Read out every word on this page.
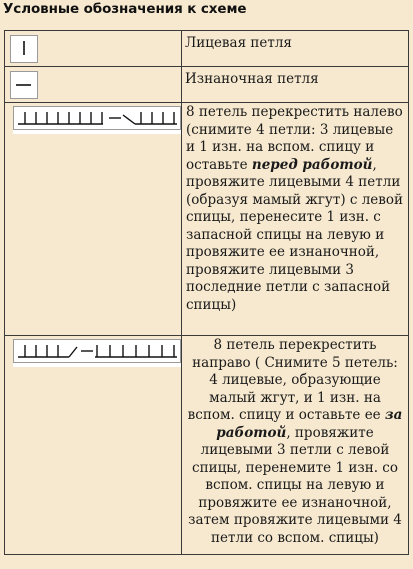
Условные обозначения к схеме

Лицевая петля

Изнаночная петля

8 петель перекрестить налево (снимите 4 петли: 3 лицевые и 1 изн. на вспом. спицу и оставьте перед работой, провяжите лицевыми 4 петли (образуя мамый жгут) с левой спицы, перенесите 1 изн. с запасной спицы на левую и провяжите ее изнаночной, провяжите лицевыми 3 последние петли с запасной спицы)

8 петель перекрестить направо ( Снимите 5 петель: 4 лицевые, образующие малый жгут, и 1 изн. на вспом. спицу и оставьте ее за работой, провяжите лицевыми 3 петли с левой спицы, перенемите 1 изн. со вспом. спицы на левую и провяжите ее изнаночной, затем провяжите лицевыми 4 петли со вспом. спицы)
